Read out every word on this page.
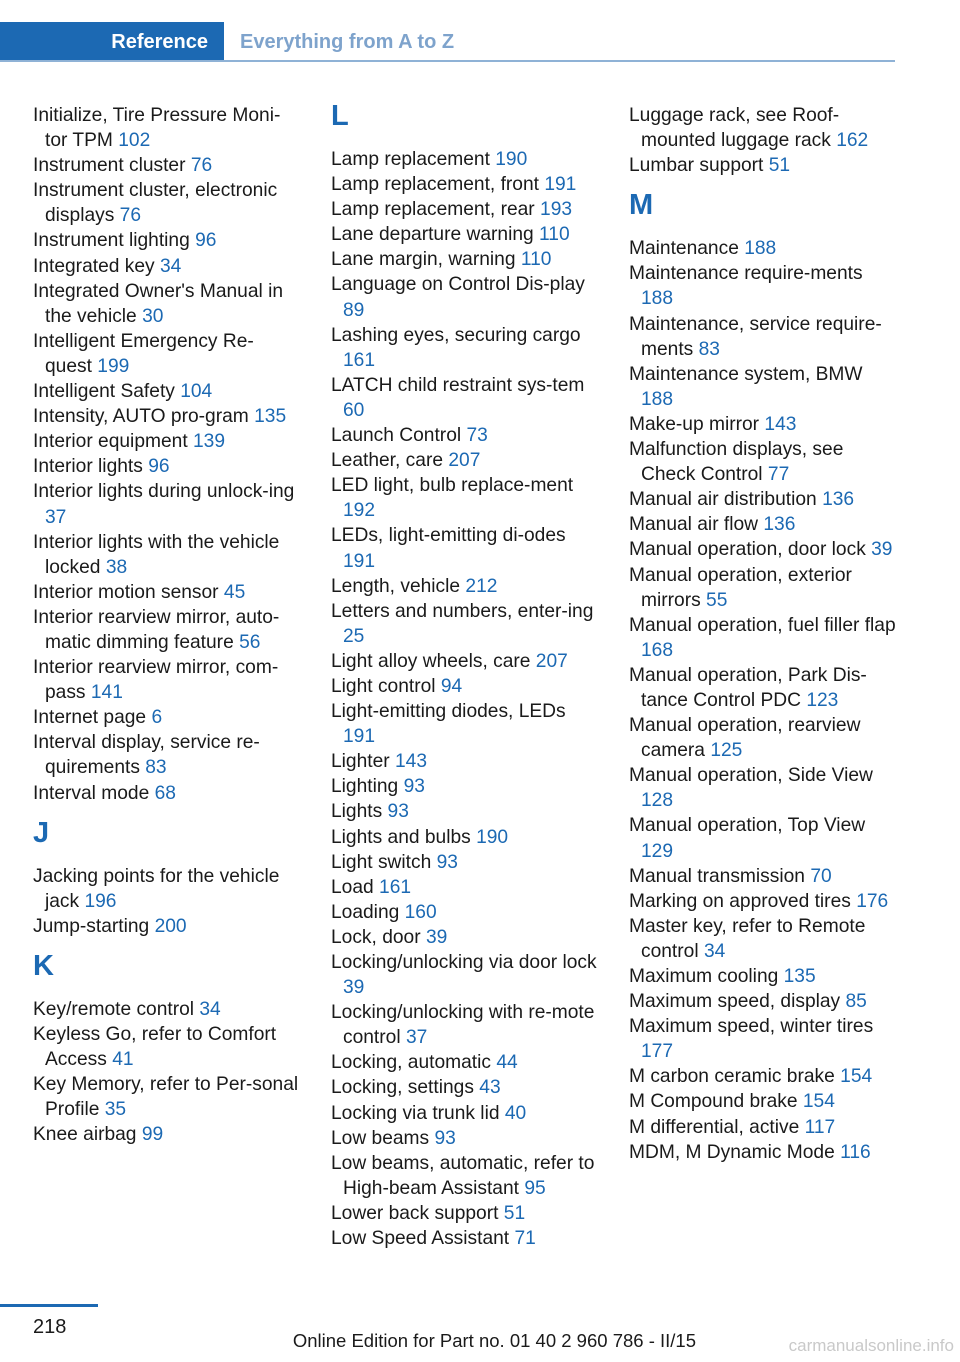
Reference	Everything from A to Z
Initialize, Tire Pressure Moni‐tor TPM 102
Instrument cluster 76
Instrument cluster, electronic displays 76
Instrument lighting 96
Integrated key 34
Integrated Owner's Manual in the vehicle 30
Intelligent Emergency Re‐quest 199
Intelligent Safety 104
Intensity, AUTO pro‐gram 135
Interior equipment 139
Interior lights 96
Interior lights during unlock‐ing 37
Interior lights with the vehicle locked 38
Interior motion sensor 45
Interior rearview mirror, auto‐matic dimming feature 56
Interior rearview mirror, com‐pass 141
Internet page 6
Interval display, service re‐quirements 83
Interval mode 68
J
Jacking points for the vehicle jack 196
Jump-starting 200
K
Key/remote control 34
Keyless Go, refer to Comfort Access 41
Key Memory, refer to Per‐sonal Profile 35
Knee airbag 99
L
Lamp replacement 190
Lamp replacement, front 191
Lamp replacement, rear 193
Lane departure warning 110
Lane margin, warning 110
Language on Control Dis‐play 89
Lashing eyes, securing cargo 161
LATCH child restraint sys‐tem 60
Launch Control 73
Leather, care 207
LED light, bulb replace‐ment 192
LEDs, light-emitting di‐odes 191
Length, vehicle 212
Letters and numbers, enter‐ing 25
Light alloy wheels, care 207
Light control 94
Light-emitting diodes, LEDs 191
Lighter 143
Lighting 93
Lights 93
Lights and bulbs 190
Light switch 93
Load 161
Loading 160
Lock, door 39
Locking/unlocking via door lock 39
Locking/unlocking with re‐mote control 37
Locking, automatic 44
Locking, settings 43
Locking via trunk lid 40
Low beams 93
Low beams, automatic, refer to High-beam Assistant 95
Lower back support 51
Low Speed Assistant 71
Luggage rack, see Roof-mounted luggage rack 162
Lumbar support 51
M
Maintenance 188
Maintenance require‐ments 188
Maintenance, service require‐ments 83
Maintenance system, BMW 188
Make-up mirror 143
Malfunction displays, see Check Control 77
Manual air distribution 136
Manual air flow 136
Manual operation, door lock 39
Manual operation, exterior mirrors 55
Manual operation, fuel filler flap 168
Manual operation, Park Dis‐tance Control PDC 123
Manual operation, rearview camera 125
Manual operation, Side View 128
Manual operation, Top View 129
Manual transmission 70
Marking on approved tires 176
Master key, refer to Remote control 34
Maximum cooling 135
Maximum speed, display 85
Maximum speed, winter tires 177
M carbon ceramic brake 154
M Compound brake 154
M differential, active 117
MDM, M Dynamic Mode 116
218
Online Edition for Part no. 01 40 2 960 786 - II/15	carmanualsonline.info
